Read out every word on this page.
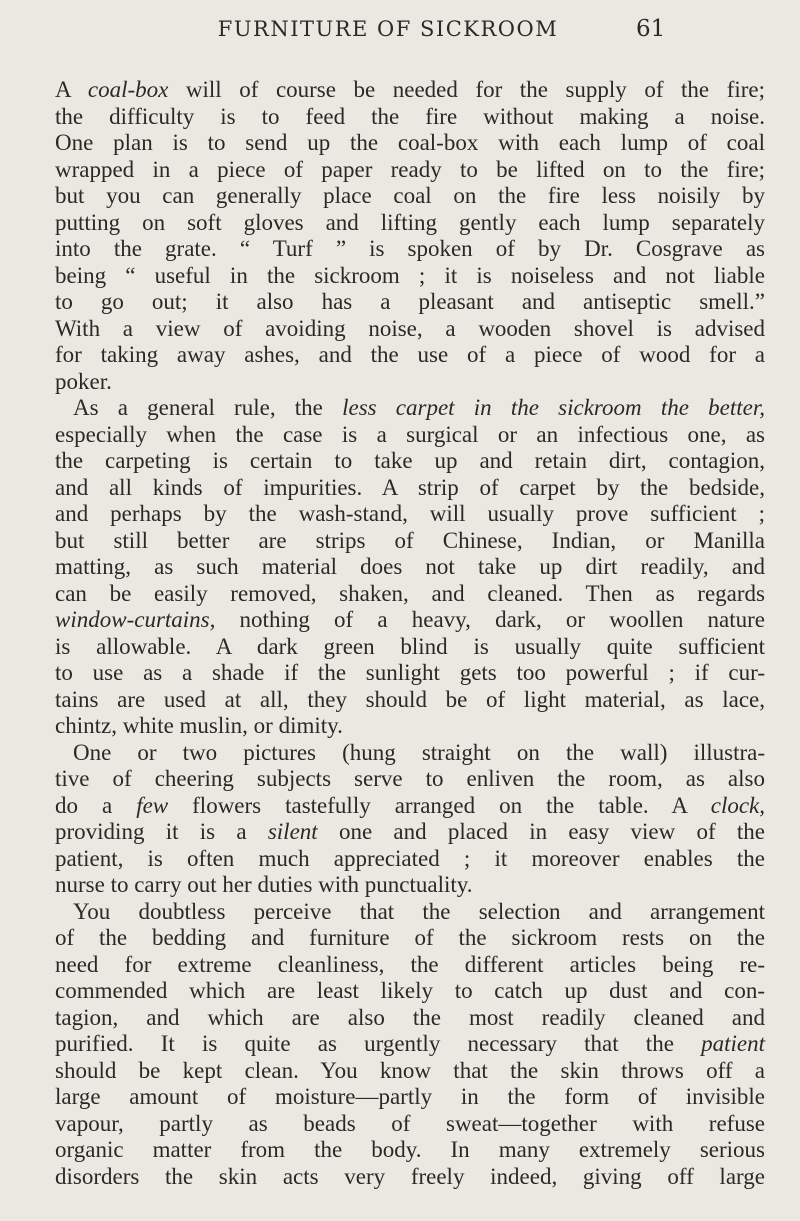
FURNITURE OF SICKROOM	61
A coal-box will of course be needed for the supply of the fire;
the difficulty is to feed the fire without making a noise.
One plan is to send up the coal-box with each lump of coal
wrapped in a piece of paper ready to be lifted on to the fire;
but you can generally place coal on the fire less noisily by
putting on soft gloves and lifting gently each lump separately
into the grate. “ Turf ” is spoken of by Dr. Cosgrave as
being “ useful in the sickroom ; it is noiseless and not liable
to go out; it also has a pleasant and antiseptic smell.”
With a view of avoiding noise, a wooden shovel is advised
for taking away ashes, and the use of a piece of wood for a
poker.
As a general rule, the less carpet in the sickroom the better,
especially when the case is a surgical or an infectious one, as
the carpeting is certain to take up and retain dirt, contagion,
and all kinds of impurities. A strip of carpet by the bedside,
and perhaps by the wash-stand, will usually prove sufficient ;
but still better are strips of Chinese, Indian, or Manilla
matting, as such material does not take up dirt readily, and
can be easily removed, shaken, and cleaned. Then as regards
window-curtains, nothing of a heavy, dark, or woollen nature
is allowable. A dark green blind is usually quite sufficient
to use as a shade if the sunlight gets too powerful ; if cur-
tains are used at all, they should be of light material, as lace,
chintz, white muslin, or dimity.
One or two pictures (hung straight on the wall) illustra-
tive of cheering subjects serve to enliven the room, as also
do a few flowers tastefully arranged on the table. A clock,
providing it is a silent one and placed in easy view of the
patient, is often much appreciated ; it moreover enables the
nurse to carry out her duties with punctuality.
You doubtless perceive that the selection and arrangement
of the bedding and furniture of the sickroom rests on the
need for extreme cleanliness, the different articles being re-
commended which are least likely to catch up dust and con-
tagion, and which are also the most readily cleaned and
purified. It is quite as urgently necessary that the patient
should be kept clean. You know that the skin throws off a
large amount of moisture—partly in the form of invisible
vapour, partly as beads of sweat—together with refuse
organic matter from the body. In many extremely serious
disorders the skin acts very freely indeed, giving off large
